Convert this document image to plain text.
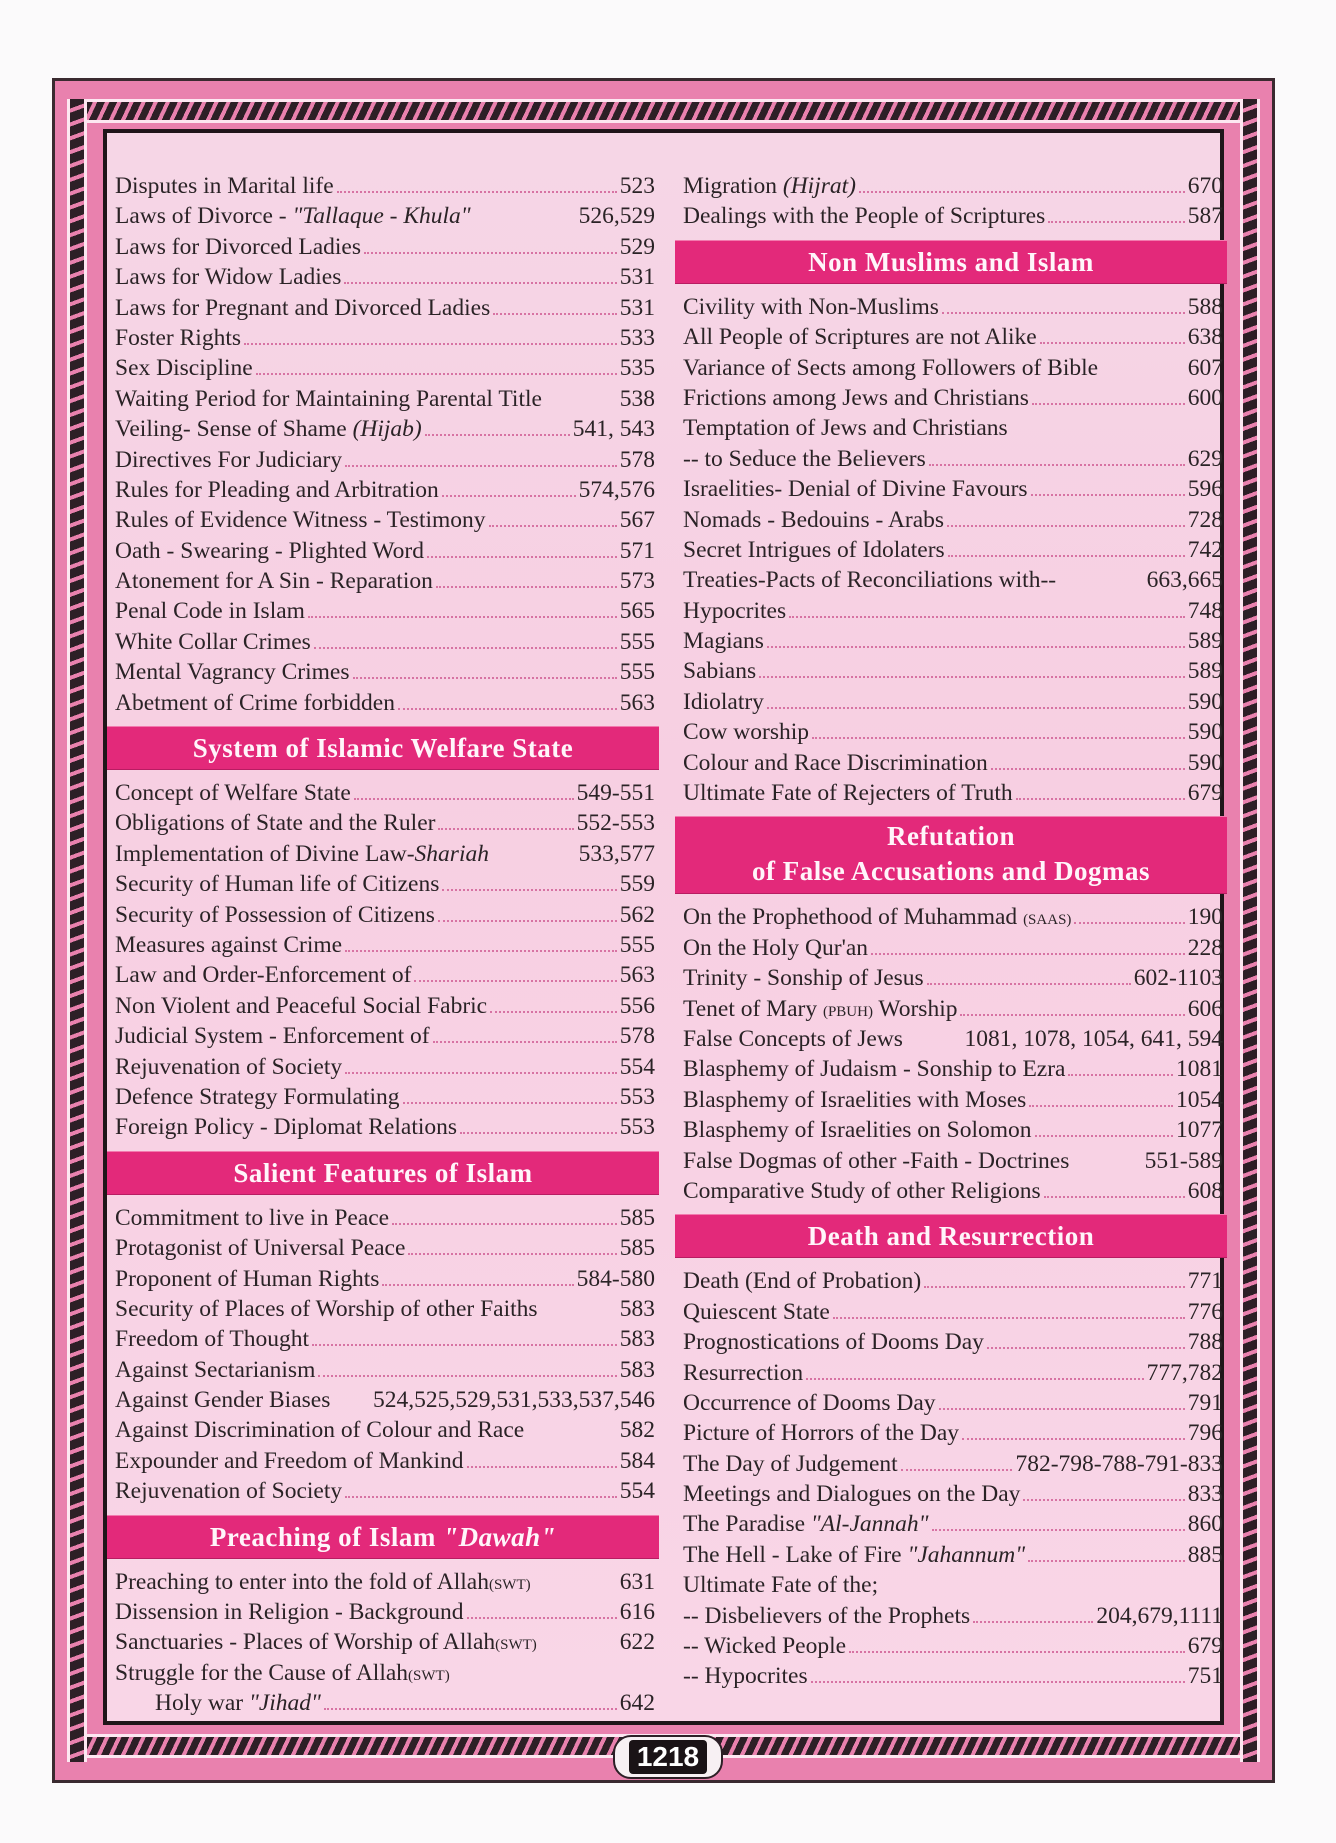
Disputes in Marital life	523
Laws of Divorce - "Tallaque - Khula"	526,529
Laws for Divorced Ladies	529
Laws for Widow Ladies	531
Laws for Pregnant and Divorced Ladies	531
Foster Rights	533
Sex Discipline	535
Waiting Period for Maintaining Parental Title	538
Veiling- Sense of Shame (Hijab)	541, 543
Directives For Judiciary	578
Rules for Pleading and Arbitration	574,576
Rules of Evidence Witness - Testimony	567
Oath - Swearing - Plighted Word	571
Atonement for A Sin - Reparation	573
Penal Code in Islam	565
White Collar Crimes	555
Mental Vagrancy Crimes	555
Abetment of Crime forbidden	563
System of Islamic Welfare State
Concept of Welfare State	549-551
Obligations of State and the Ruler	552-553
Implementation of Divine Law-Shariah	533,577
Security of Human life of Citizens	559
Security of Possession of Citizens	562
Measures against Crime	555
Law and Order-Enforcement of	563
Non Violent and Peaceful Social Fabric	556
Judicial System - Enforcement of	578
Rejuvenation of Society	554
Defence Strategy Formulating	553
Foreign Policy - Diplomat Relations	553
Salient Features of Islam
Commitment to live in Peace	585
Protagonist of Universal Peace	585
Proponent of Human Rights	584-580
Security of Places of Worship of other Faiths	583
Freedom of Thought	583
Against Sectarianism	583
Against Gender Biases 524,525,529,531,533,537,546
Against Discrimination of Colour and Race	582
Expounder and Freedom of Mankind	584
Rejuvenation of Society	554
Preaching of Islam "Dawah"
Preaching to enter into the fold of Allah(SWT)	631
Dissension in Religion - Background	616
Sanctuaries - Places of Worship of Allah(SWT)	622
Struggle for the Cause of Allah(SWT)
Holy war "Jihad"	642
Migration (Hijrat)	670
Dealings with the People of Scriptures	587
Non Muslims and Islam
Civility with Non-Muslims	588
All People of Scriptures are not Alike	638
Variance of Sects among Followers of Bible	607
Frictions among Jews and Christians	600
Temptation of Jews and Christians
-- to Seduce the Believers	629
Israelities- Denial of Divine Favours	596
Nomads - Bedouins - Arabs	728
Secret Intrigues of Idolaters	742
Treaties-Pacts of Reconciliations with--	663,665
Hypocrites	748
Magians	589
Sabians	589
Idiolatry	590
Cow worship	590
Colour and Race Discrimination	590
Ultimate Fate of Rejecters of Truth	679
Refutation
of False Accusations and Dogmas
On the Prophethood of Muhammad (SAAS)	190
On the Holy Qur'an	228
Trinity - Sonship of Jesus	602-1103
Tenet of Mary (PBUH) Worship	606
False Concepts of Jews	1081, 1078, 1054, 641, 594
Blasphemy of Judaism - Sonship to Ezra	1081
Blasphemy of Israelities with Moses	1054
Blasphemy of Israelities on Solomon	1077
False Dogmas of other -Faith - Doctrines	551-589
Comparative Study of other Religions	608
Death and Resurrection
Death (End of Probation)	771
Quiescent State	776
Prognostications of Dooms Day	788
Resurrection	777,782
Occurrence of Dooms Day	791
Picture of Horrors of the Day	796
The Day of Judgement	782-798-788-791-833
Meetings and Dialogues on the Day	833
The Paradise "Al-Jannah"	860
The Hell - Lake of Fire "Jahannum"	885
Ultimate Fate of the;
-- Disbelievers of the Prophets	204,679,1111
-- Wicked People	679
-- Hypocrites	751
1218
